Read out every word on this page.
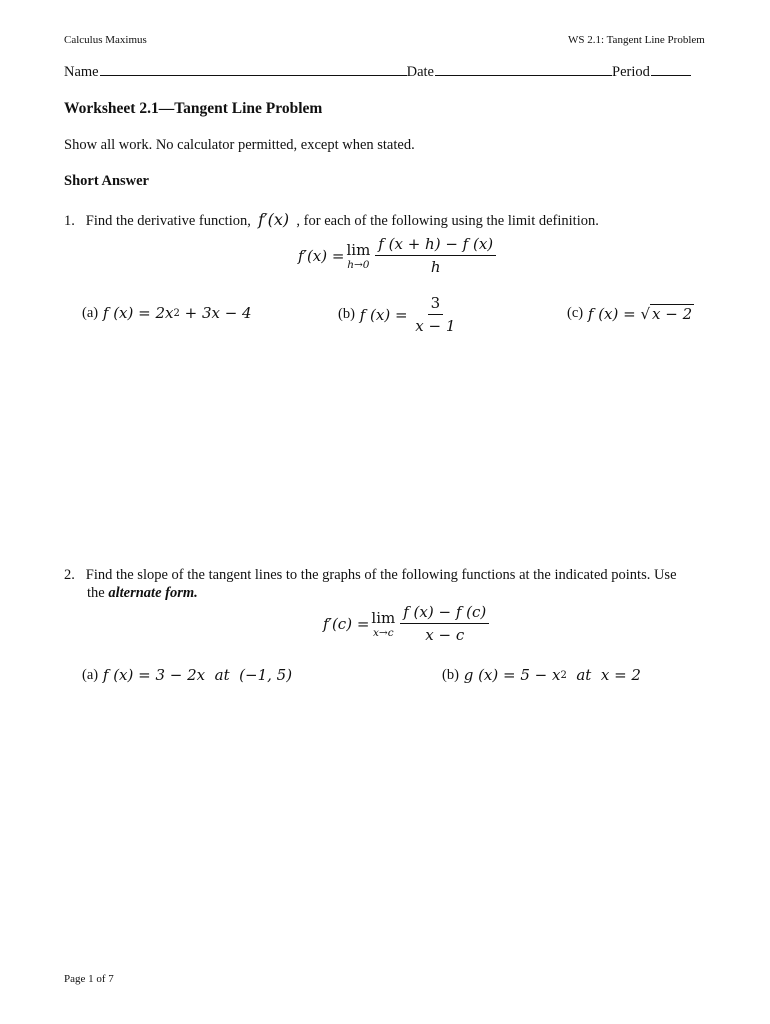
Calculus Maximus	WS 2.1: Tangent Line Problem
Name	Date	Period
Worksheet 2.1—Tangent Line Problem
Show all work. No calculator permitted, except when stated.
Short Answer
1. Find the derivative function, f′(x) , for each of the following using the limit definition.
f′(x) = lim
$h\to 0 \frac{f (x + h) - f (x)}{h}$
(a)
f (x) = 2x 2 + 3x − 4	(b)
f $(x) = \frac{3}{x - 1}$	(c)
f (x) = √ x − 2
2. Find the slope of the tangent lines to the graphs of the following functions at the indicated points. Use
the alternate form.
f′(c) = lim
$x\to c \frac{f (x) - f (c)}{x - c}$
(a)
f (x) = 3 − 2x  at  (−1, 5)	(b)
g (x) = 5 − x 2 at  x = 2
Page 1 of 7
